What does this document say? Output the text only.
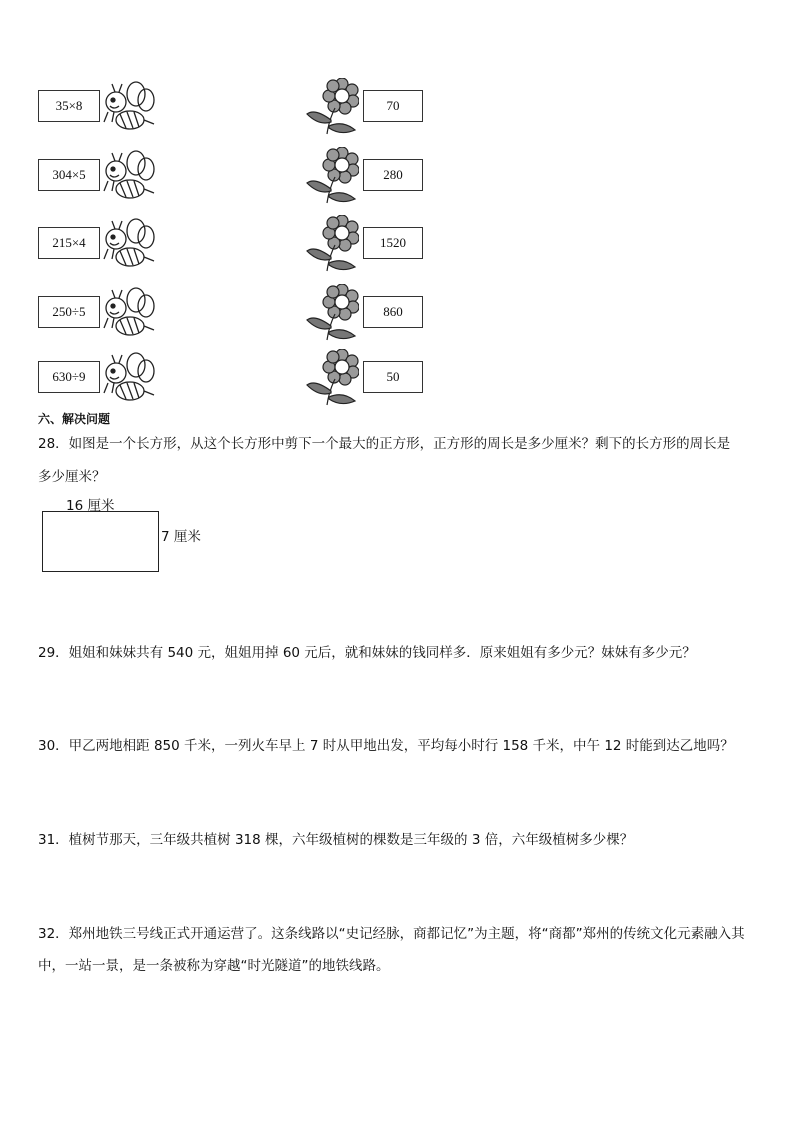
35×8	70
304×5	280
215×4	1520
250÷5	860
630÷9	50
六、解决问题
28．如图是一个长方形，从这个长方形中剪下一个最大的正方形，正方形的周长是多少厘米？剩下的长方形的周长是
多少厘米？
16 厘米
7 厘米
29．姐姐和妹妹共有 540 元，姐姐用掉 60 元后，就和妹妹的钱同样多．原来姐姐有多少元？妹妹有多少元？
30．甲乙两地相距 850 千米，一列火车早上 7 时从甲地出发，平均每小时行 158 千米，中午 12 时能到达乙地吗？
31．植树节那天，三年级共植树 318 棵，六年级植树的棵数是三年级的 3 倍，六年级植树多少棵？
32．郑州地铁三号线正式开通运营了。这条线路以“史记经脉，商都记忆”为主题，将“商都”郑州的传统文化元素融入其
中，一站一景，是一条被称为穿越“时光隧道”的地铁线路。
